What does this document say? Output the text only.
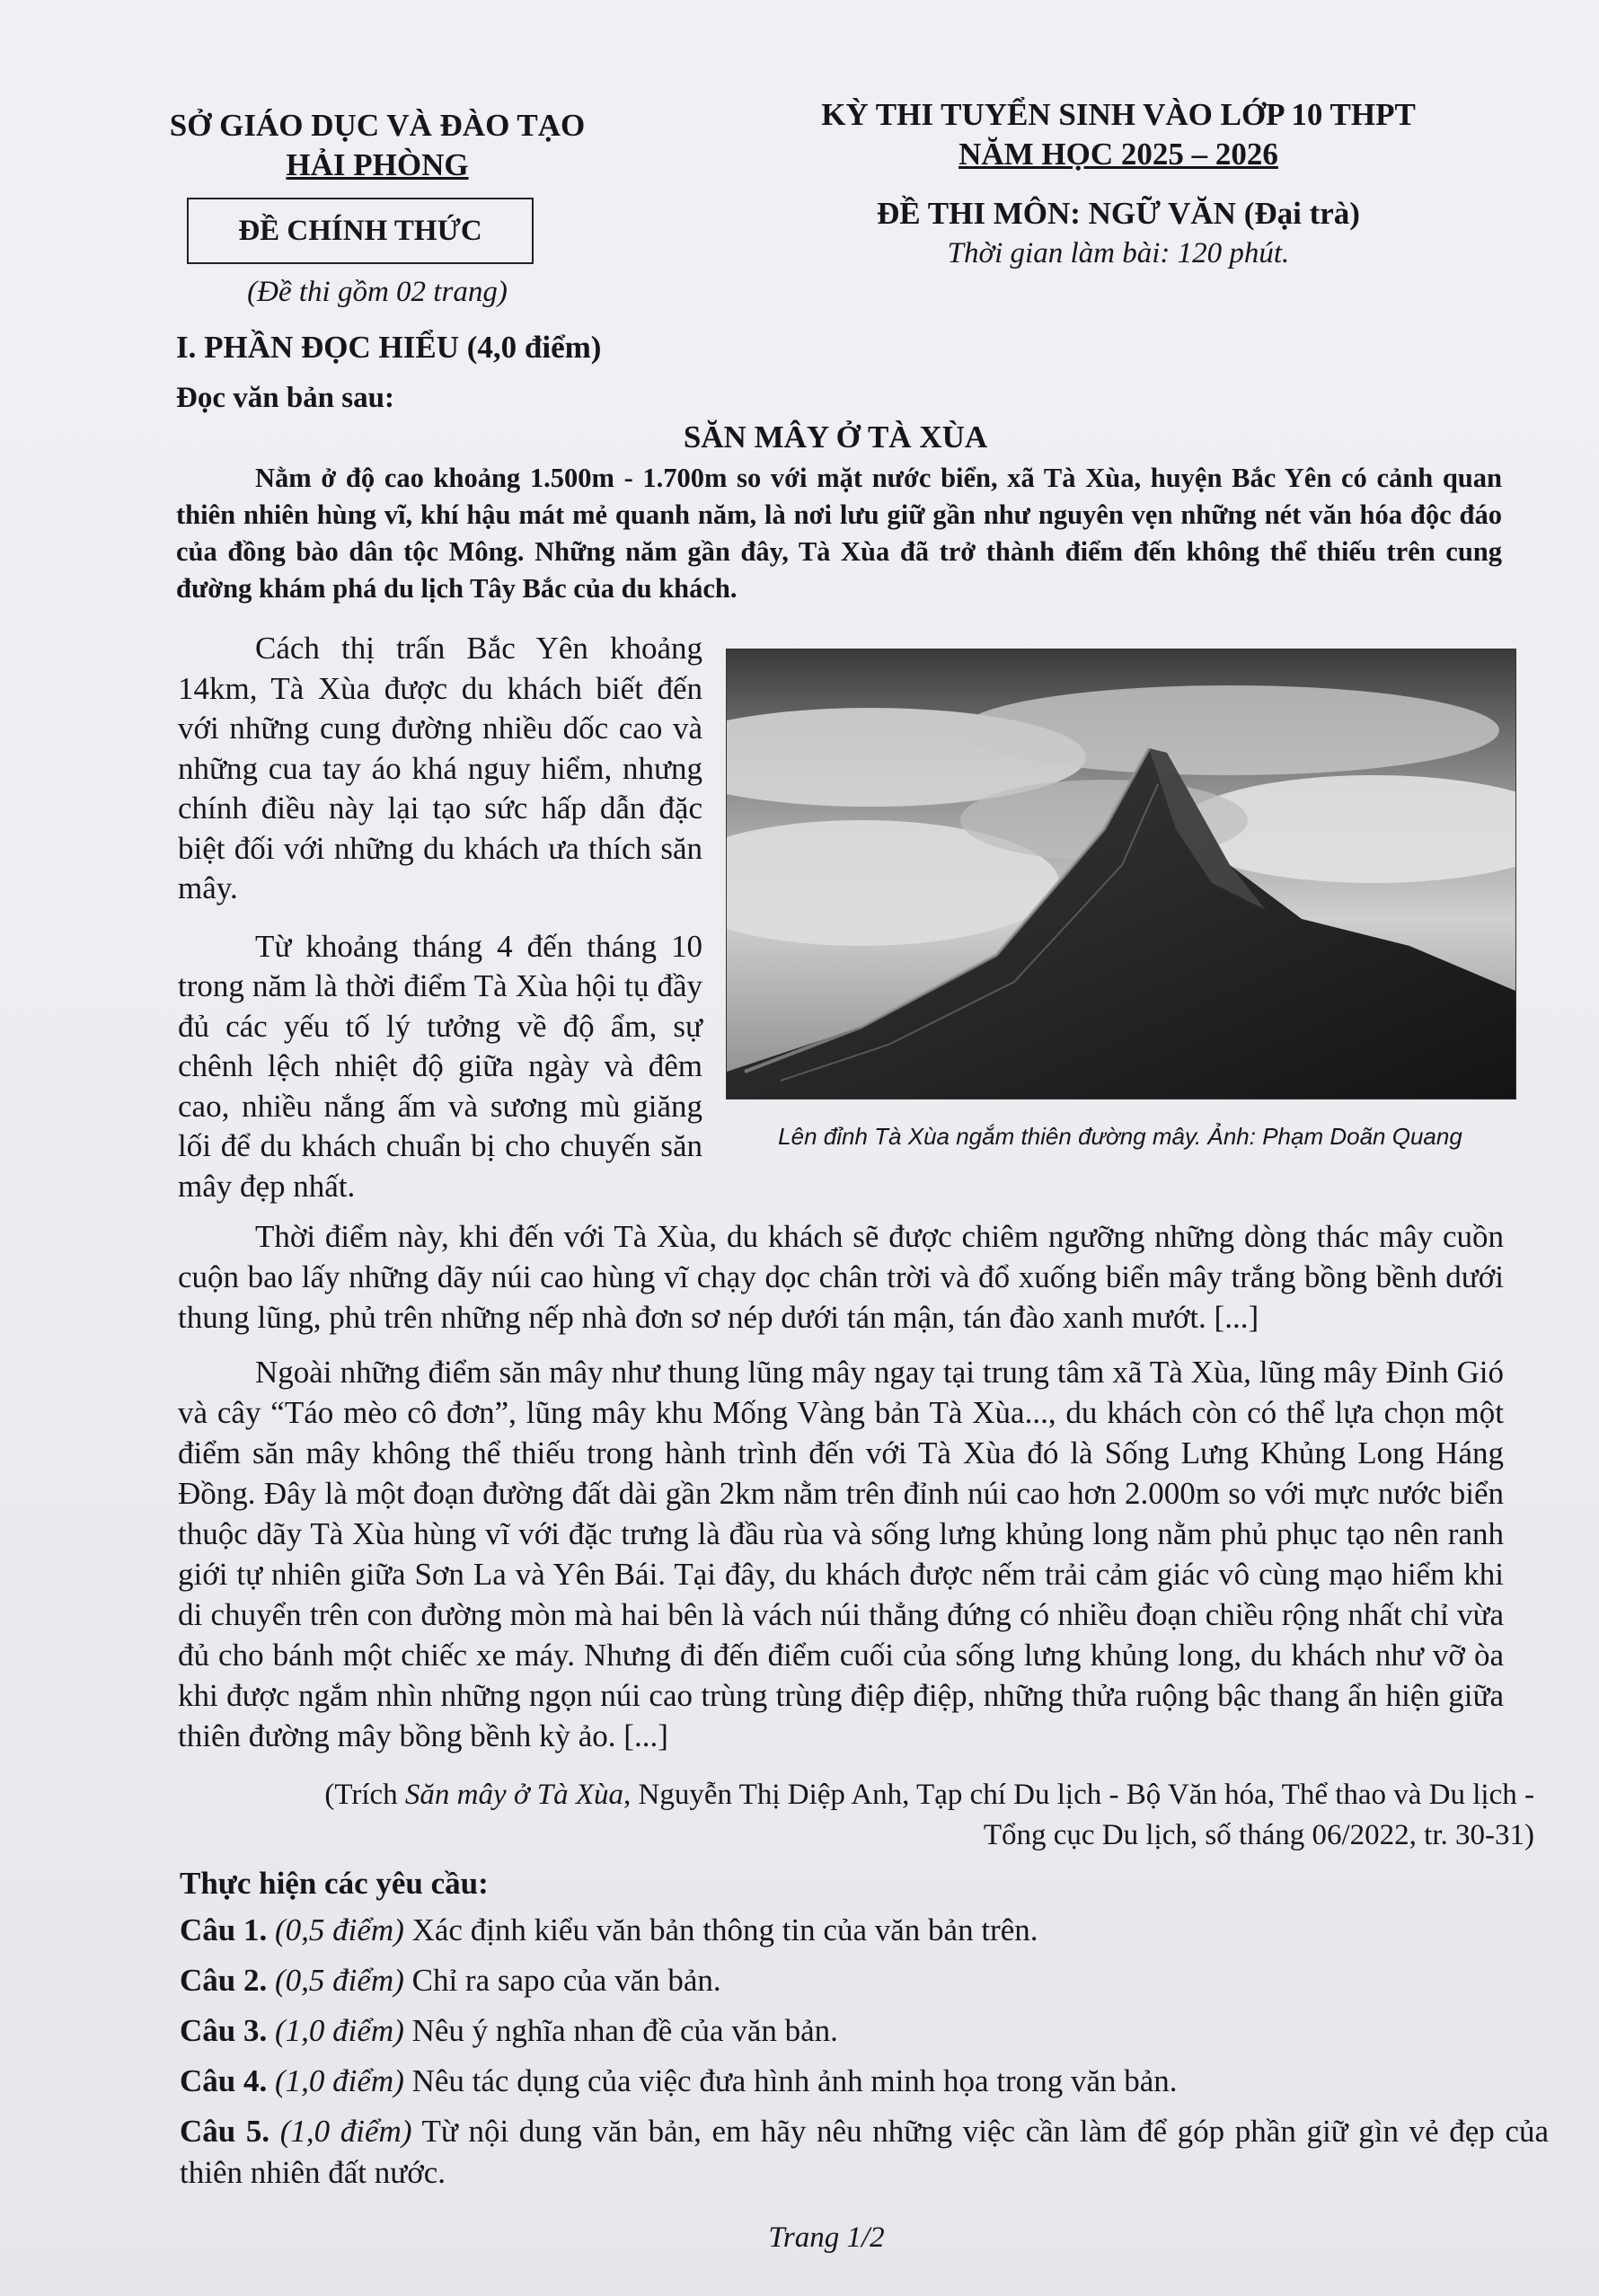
SỞ GIÁO DỤC VÀ ĐÀO TẠO
HẢI PHÒNG
ĐỀ CHÍNH THỨC
(Đề thi gồm 02 trang)
KỲ THI TUYỂN SINH VÀO LỚP 10 THPT
NĂM HỌC 2025 – 2026
ĐỀ THI MÔN: NGỮ VĂN (Đại trà)
Thời gian làm bài: 120 phút.
I. PHẦN ĐỌC HIỂU (4,0 điểm)
Đọc văn bản sau:
SĂN MÂY Ở TÀ XÙA
Nằm ở độ cao khoảng 1.500m - 1.700m so với mặt nước biển, xã Tà Xùa, huyện Bắc Yên có cảnh quan thiên nhiên hùng vĩ, khí hậu mát mẻ quanh năm, là nơi lưu giữ gần như nguyên vẹn những nét văn hóa độc đáo của đồng bào dân tộc Mông. Những năm gần đây, Tà Xùa đã trở thành điểm đến không thể thiếu trên cung đường khám phá du lịch Tây Bắc của du khách.

Cách thị trấn Bắc Yên khoảng 14km, Tà Xùa được du khách biết đến với những cung đường nhiều dốc cao và những cua tay áo khá nguy hiểm, nhưng chính điều này lại tạo sức hấp dẫn đặc biệt đối với những du khách ưa thích săn mây.

Từ khoảng tháng 4 đến tháng 10 trong năm là thời điểm Tà Xùa hội tụ đầy đủ các yếu tố lý tưởng về độ ẩm, sự chênh lệch nhiệt độ giữa ngày và đêm cao, nhiều nắng ấm và sương mù giăng lối để du khách chuẩn bị cho chuyến săn mây đẹp nhất.

Lên đỉnh Tà Xùa ngắm thiên đường mây. Ảnh: Phạm Doãn Quang

Thời điểm này, khi đến với Tà Xùa, du khách sẽ được chiêm ngưỡng những dòng thác mây cuồn cuộn bao lấy những dãy núi cao hùng vĩ chạy dọc chân trời và đổ xuống biển mây trắng bồng bềnh dưới thung lũng, phủ trên những nếp nhà đơn sơ nép dưới tán mận, tán đào xanh mướt. [...]

Ngoài những điểm săn mây như thung lũng mây ngay tại trung tâm xã Tà Xùa, lũng mây Đỉnh Gió và cây “Táo mèo cô đơn”, lũng mây khu Mống Vàng bản Tà Xùa..., du khách còn có thể lựa chọn một điểm săn mây không thể thiếu trong hành trình đến với Tà Xùa đó là Sống Lưng Khủng Long Háng Đồng. Đây là một đoạn đường đất dài gần 2km nằm trên đỉnh núi cao hơn 2.000m so với mực nước biển thuộc dãy Tà Xùa hùng vĩ với đặc trưng là đầu rùa và sống lưng khủng long nằm phủ phục tạo nên ranh giới tự nhiên giữa Sơn La và Yên Bái. Tại đây, du khách được nếm trải cảm giác vô cùng mạo hiểm khi di chuyển trên con đường mòn mà hai bên là vách núi thẳng đứng có nhiều đoạn chiều rộng nhất chỉ vừa đủ cho bánh một chiếc xe máy. Nhưng đi đến điểm cuối của sống lưng khủng long, du khách như vỡ òa khi được ngắm nhìn những ngọn núi cao trùng trùng điệp điệp, những thửa ruộng bậc thang ẩn hiện giữa thiên đường mây bồng bềnh kỳ ảo. [...]

(Trích Săn mây ở Tà Xùa, Nguyễn Thị Diệp Anh, Tạp chí Du lịch - Bộ Văn hóa, Thể thao và Du lịch -
Tổng cục Du lịch, số tháng 06/2022, tr. 30-31)
Thực hiện các yêu cầu:
Câu 1. (0,5 điểm) Xác định kiểu văn bản thông tin của văn bản trên.
Câu 2. (0,5 điểm) Chỉ ra sapo của văn bản.
Câu 3. (1,0 điểm) Nêu ý nghĩa nhan đề của văn bản.
Câu 4. (1,0 điểm) Nêu tác dụng của việc đưa hình ảnh minh họa trong văn bản.
Câu 5. (1,0 điểm) Từ nội dung văn bản, em hãy nêu những việc cần làm để góp phần giữ gìn vẻ đẹp của thiên nhiên đất nước.
Trang 1/2
